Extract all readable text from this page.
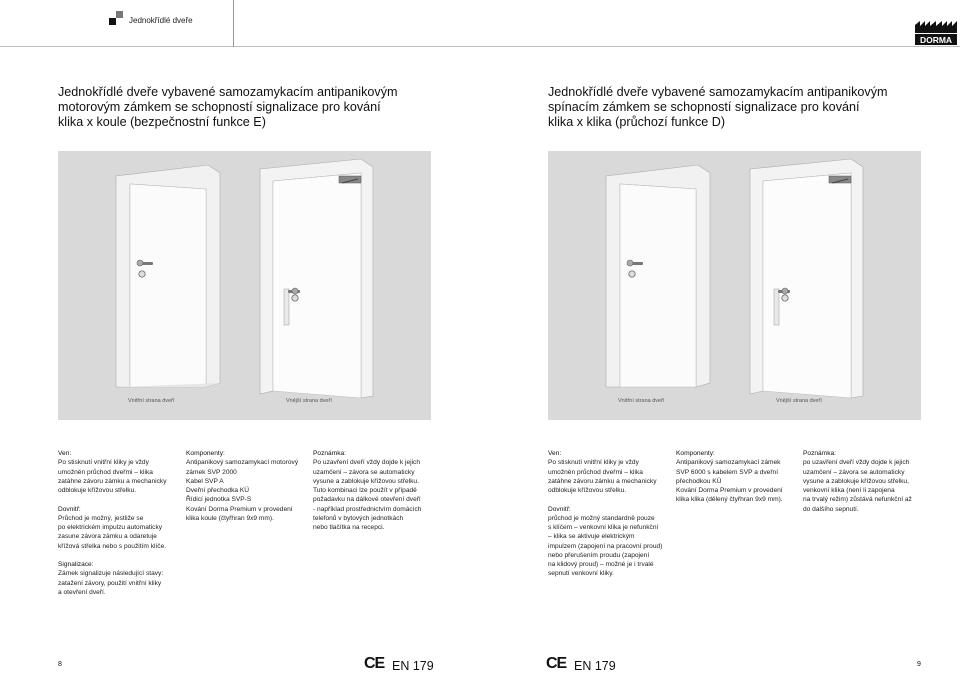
Jednokřídlé dveře
DORMA
Jednokřídlé dveře vybavené samozamykacím antipanikovým
motorovým zámkem se schopností signalizace pro kování
klika x koule (bezpečnostní funkce E)
Jednokřídlé dveře vybavené samozamykacím antipanikovým
spínacím zámkem se schopností signalizace pro kování
klika x klika (průchozí funkce D)
Vnitřní strana dveří	Vnější strana dveří	Vnitřní strana dveří	Vnější strana dveří

Ven:

Po stisknutí vnitřní kliky je vždy
umožněn průchod dveřmi – klika
zatáhne závoru zámku a mechanicky
odblokuje křížovou střelku.

Dovnitř:

Průchod je možný, jestliže se
po elektrickém impulzu automaticky
zasune závora zámku a odaretuje
křížová střelka nebo s použitím klíče.

Signalizace:

Zámek signalizuje následující stavy:
zatažení závory, použití vnitřní kliky
a otevření dveří.

Komponenty:

Antipanikový samozamykací motorový
zámek SVP 2000
Kabel SVP A
Dveřní přechodka KÜ
Řídicí jednotka SVP-S
Kování Dorma Premium v provedení
klika koule (čtyřhran 9x9 mm).

Poznámka:

Po uzavření dveří vždy dojde k jejich
uzamčení – závora se automaticky
vysune a zablokuje křížovou střelku.
Tuto kombinaci lze použít v případě
požadavku na dálkové otevření dveří
- například prostřednictvím domácích
telefonů v bytových jednotkách
nebo tlačítka na recepci.

Ven:

Po stisknutí vnitřní kliky je vždy
umožněn průchod dveřmi – klika
zatáhne závoru zámku a mechanicky
odblokuje křížovou střelku.

Dovnitř:

průchod je možný standardně pouze
s klíčem – venkovní klika je nefunkční
– klika se aktivuje elektrickým
impulzem (zapojení na pracovní proud)
nebo přerušením proudu (zapojení
na klidový proud) – možné je i trvalé
sepnutí venkovní kliky.

Komponenty:

Antipanikový samozamykací zámek
SVP 6000 s kabelem SVP a dveřní
přechodkou KÜ
Kování Dorma Premium v provedení
klika klika (dělený čtyřhran 9x9 mm).

Poznámka:

po uzavření dveří vždy dojde k jejich
uzamčení – závora se automaticky
vysune a zablokuje křížovou střelku,
venkovní klika (není li zapojena
na trvalý režim) zůstává nefunkční až
do dalšího sepnutí.

8	CE EN 179	CE EN 179	9
